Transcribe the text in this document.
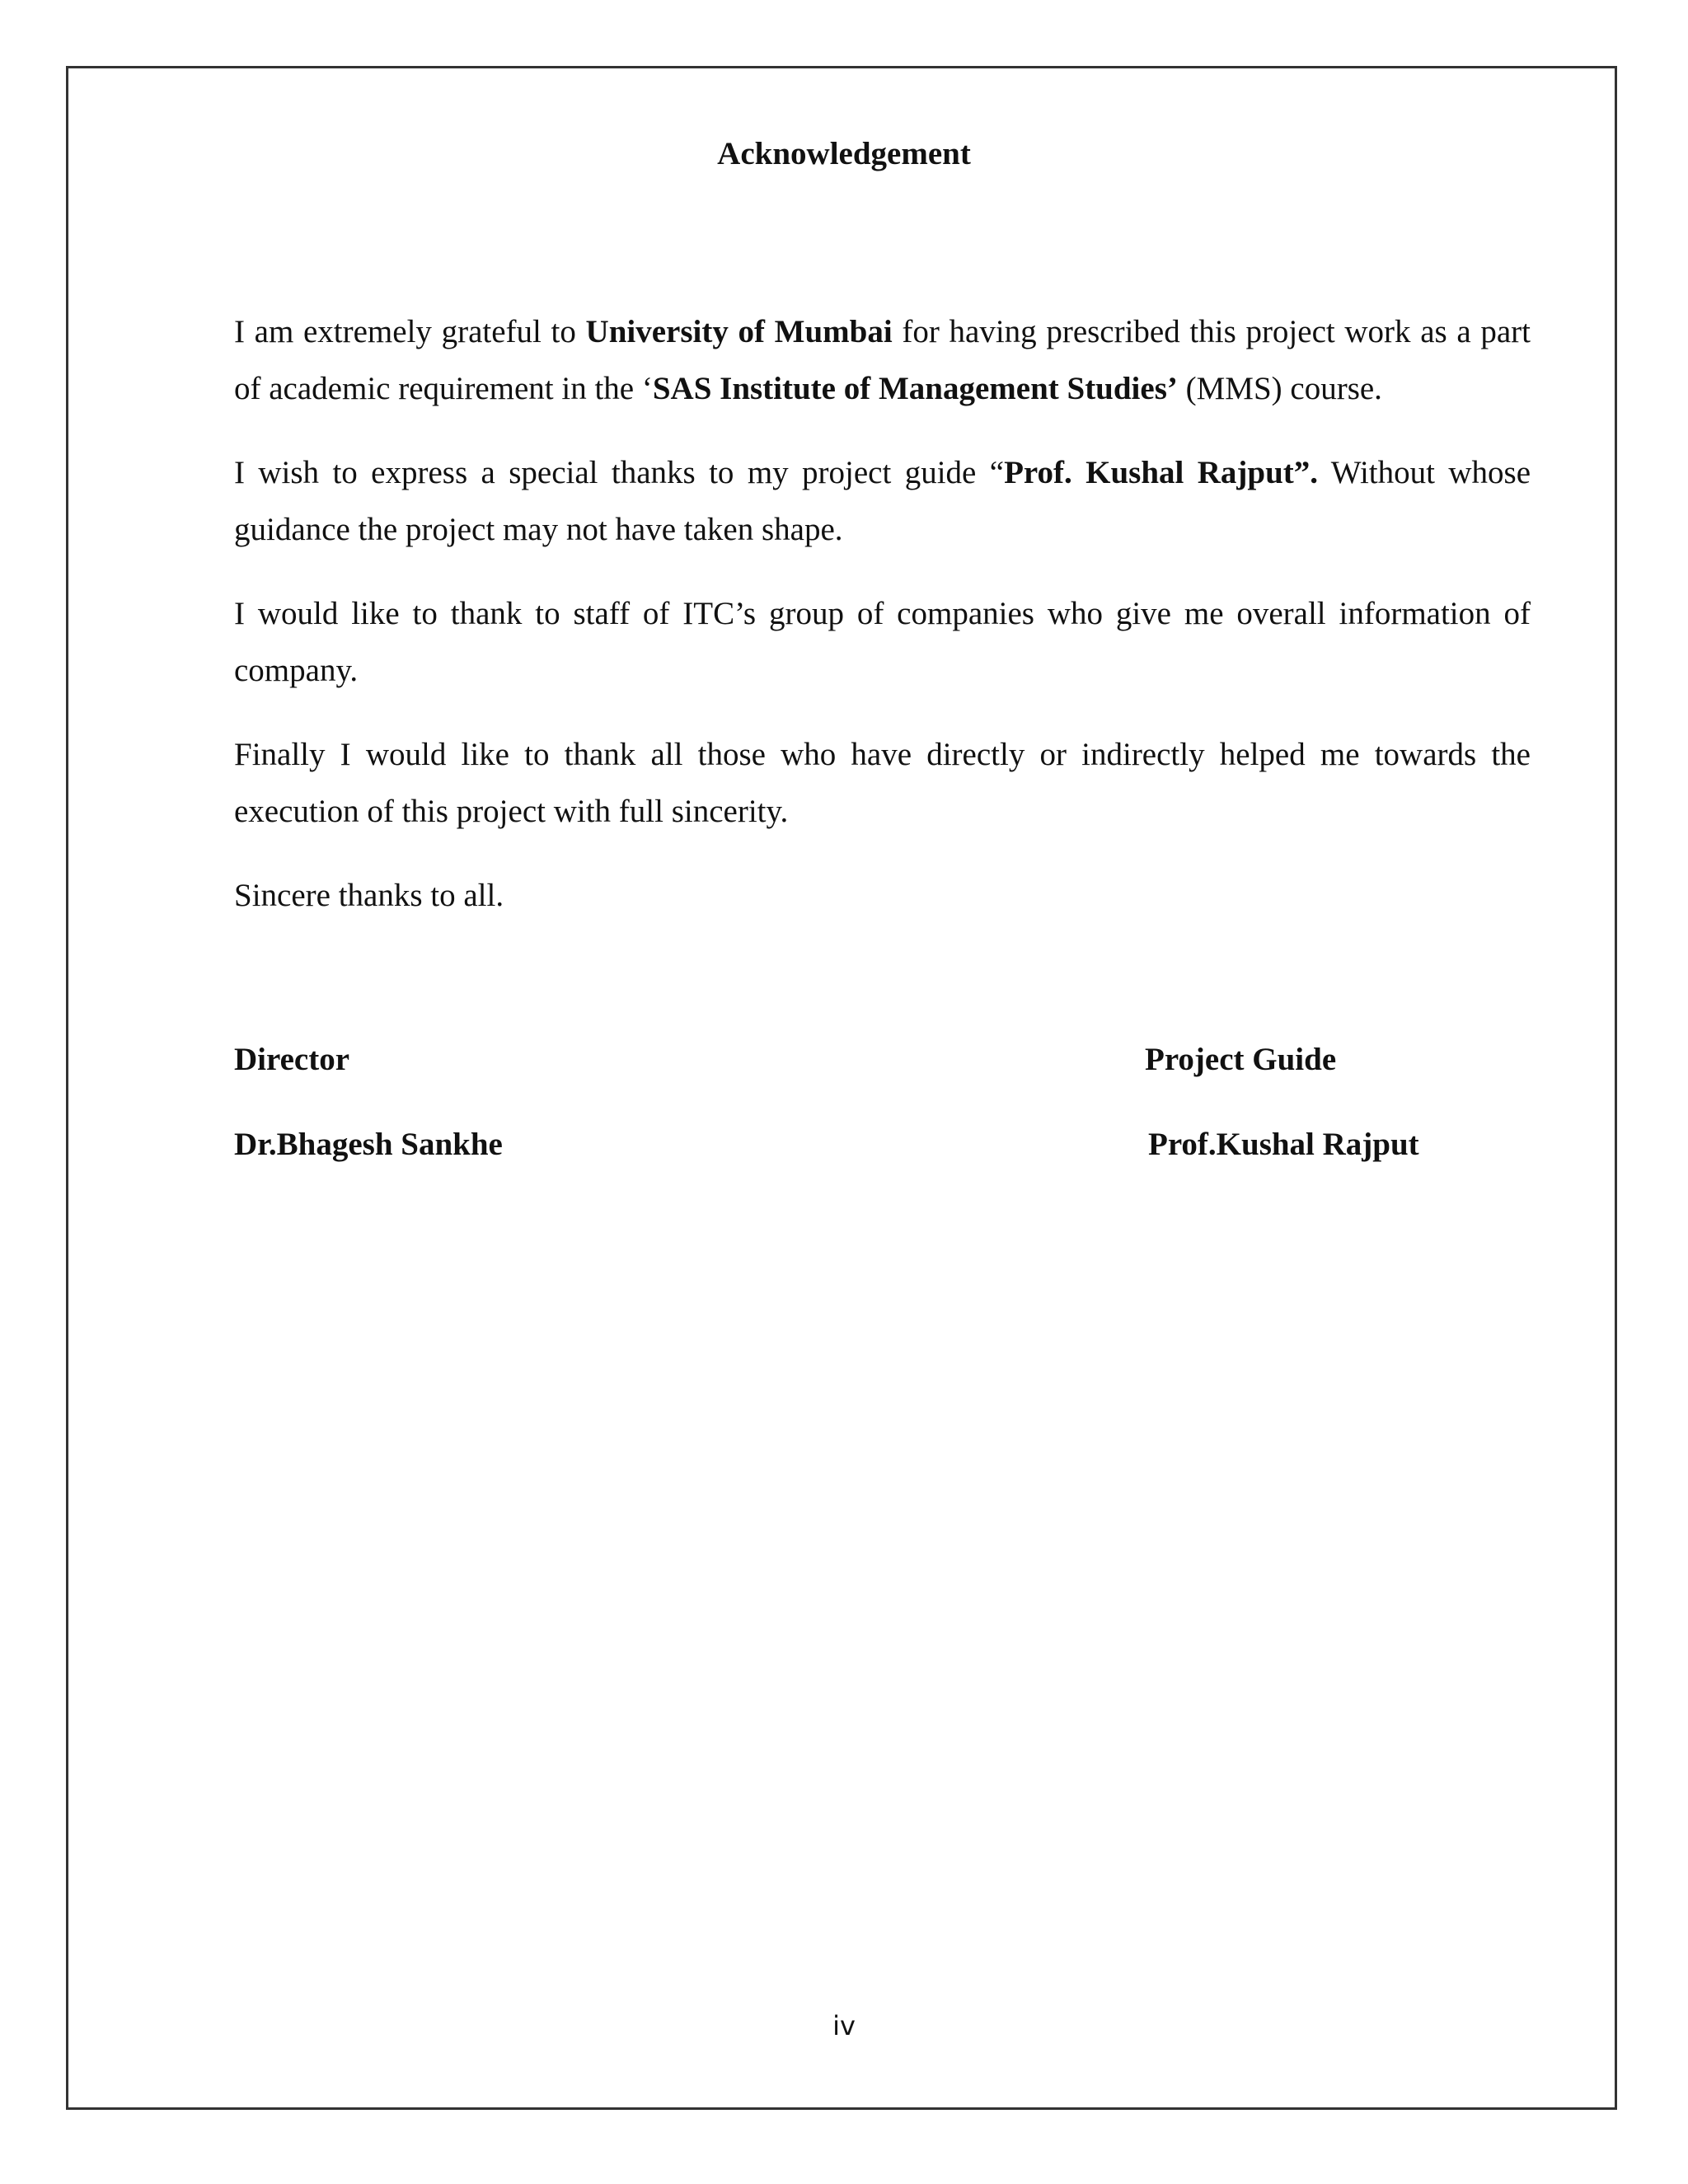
Acknowledgement

I am extremely grateful to University of Mumbai for having prescribed this project work as a part of academic requirement in the ‘SAS Institute of Management Studies’ (MMS) course.

I wish to express a special thanks to my project guide “Prof. Kushal Rajput”. Without whose guidance the project may not have taken shape.

I would like to thank to staff of ITC’s group of companies who give me overall information of company.

Finally I would like to thank all those who have directly or indirectly helped me towards the execution of this project with full sincerity.

Sincere thanks to all.

Director
Dr.Bhagesh Sankhe
Project Guide
Prof.Kushal Rajput
iv
